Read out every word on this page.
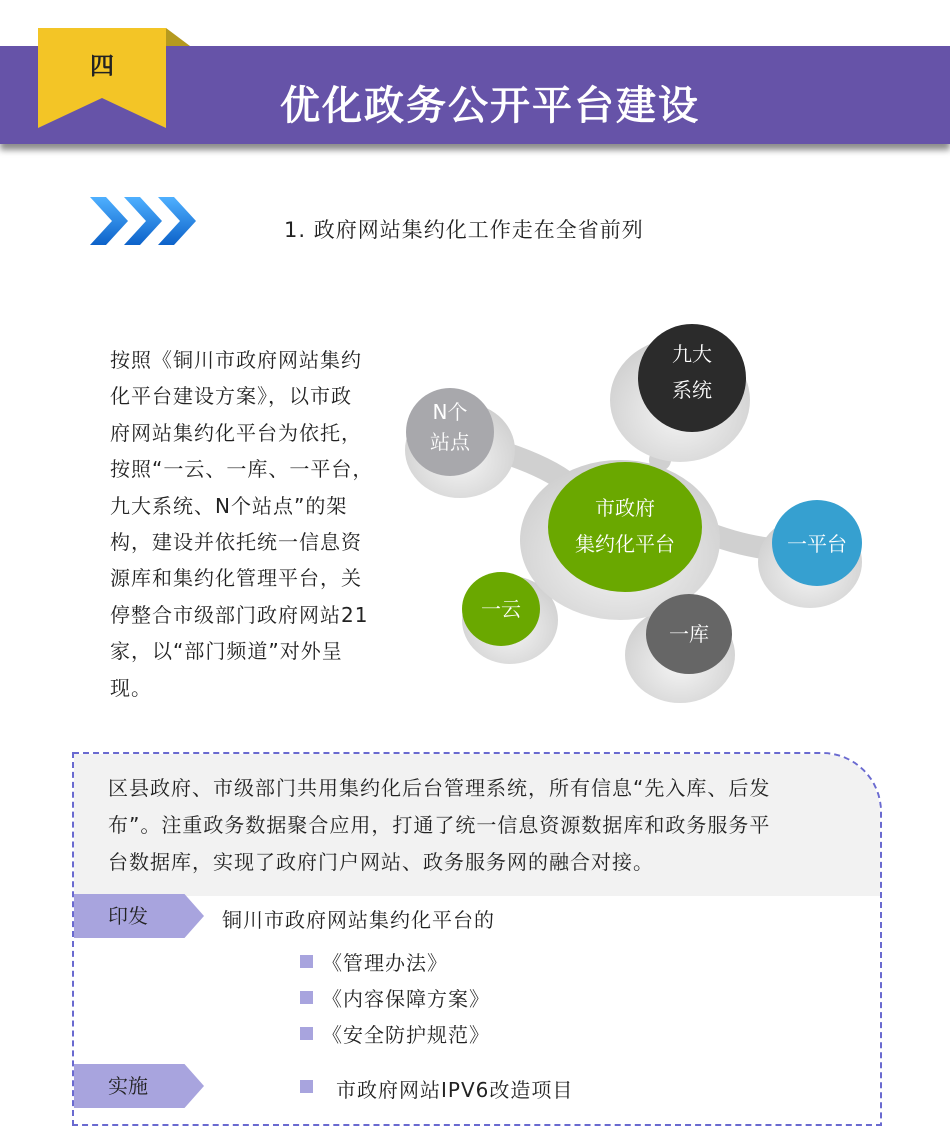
四
优化政务公开平台建设
1. 政府网站集约化工作走在全省前列
按照《铜川市政府网站集约
化平台建设方案》，以市政
府网站集约化平台为依托，
按照“一云、一库、一平台，
九大系统、N个站点”的架
构，建设并依托统一信息资
源库和集约化管理平台，关
停整合市级部门政府网站21
家，以“部门频道”对外呈
现。
N个
站点
九大
系统
市政府
集约化平台	一平台
一云
一库
区县政府、市级部门共用集约化后台管理系统，所有信息“先入库、后发
布”。注重政务数据聚合应用，打通了统一信息资源数据库和政务服务平
台数据库，实现了政府门户网站、政务服务网的融合对接。
印发	铜川市政府网站集约化平台的
《管理办法》
《内容保障方案》
《安全防护规范》
实施	市政府网站IPV6改造项目
